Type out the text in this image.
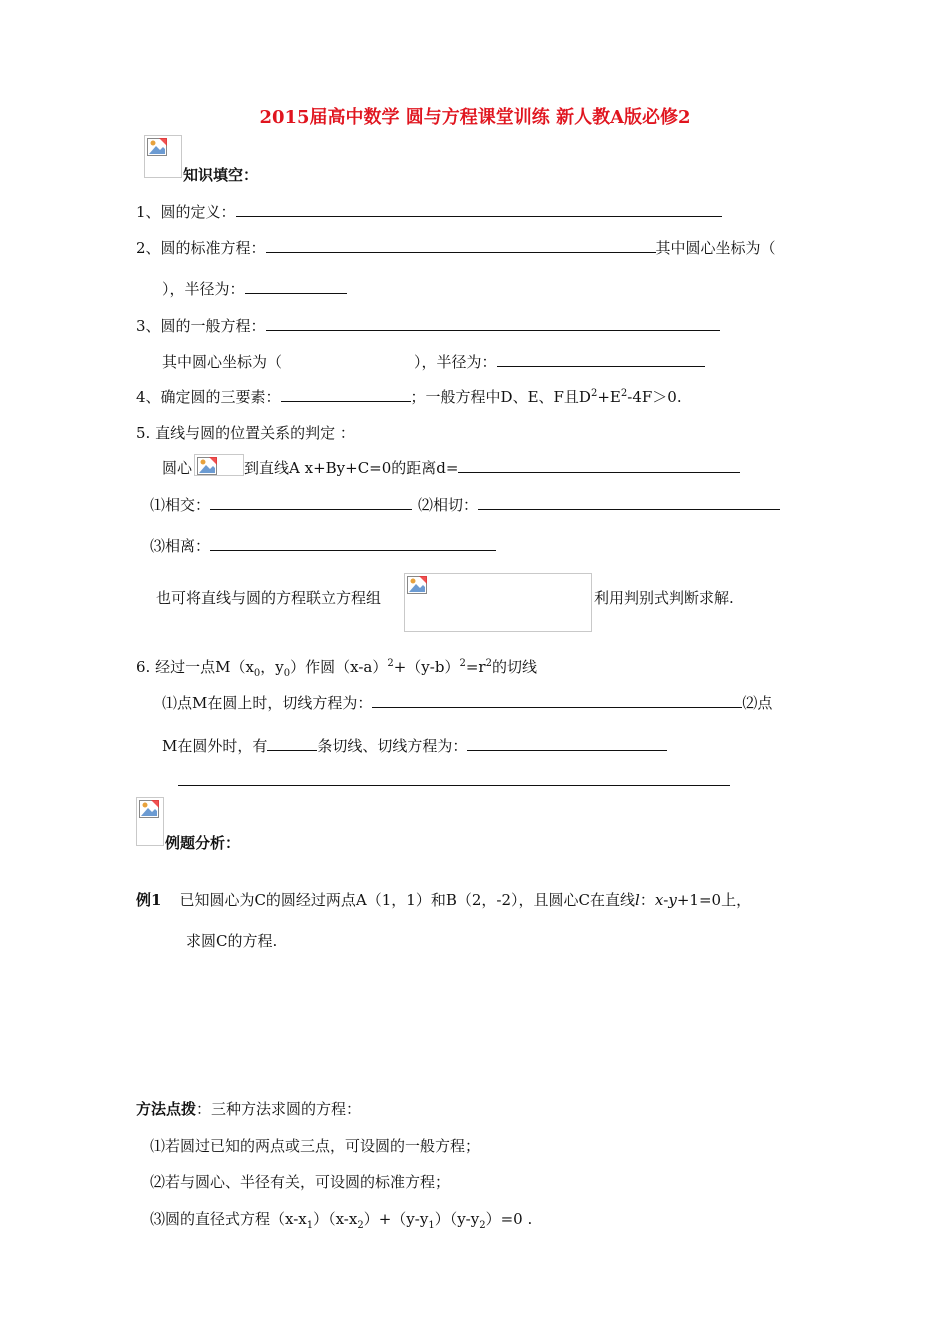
2015届高中数学 圆与方程课堂训练 新人教A版必修2
知识填空：
1、圆的定义：
2、圆的标准方程：	其中圆心坐标为（
），半径为：
3、圆的一般方程：
其中圆心坐标为（	），半径为：
4、确定圆的三要素：	；一般方程中D、E、F且$D^2+E^2-4F>0$.
5. 直线与圆的位置关系的判定 ：
圆心	到直线A x+By+C=0的距离d=
⑴相交：	⑵相切：
⑶相离：
也可将直线与圆的方程联立方程组	利用判别式判断求解.
6. 经过一点$M(x_0$，$y_0$）作圆$(x-a)^2+(y-b)^2=r^2$的切线
⑴点M在圆上时，切线方程为：	⑵点
M在圆外时，有	条切线、切线方程为：
例题分析：
例1 已知圆心为C的圆经过两点A（1，1）和B（2，-2），且圆心C在直线l：x-y+1=0上，
求圆C的方程.
方法点拨：三种方法求圆的方程：
⑴若圆过已知的两点或三点，可设圆的一般方程；
⑵若与圆心、半径有关，可设圆的标准方程；
⑶圆的直径式方程$(x-x_1)(x-x_2)+(y-y_1)(y-y_2)=0$ .
